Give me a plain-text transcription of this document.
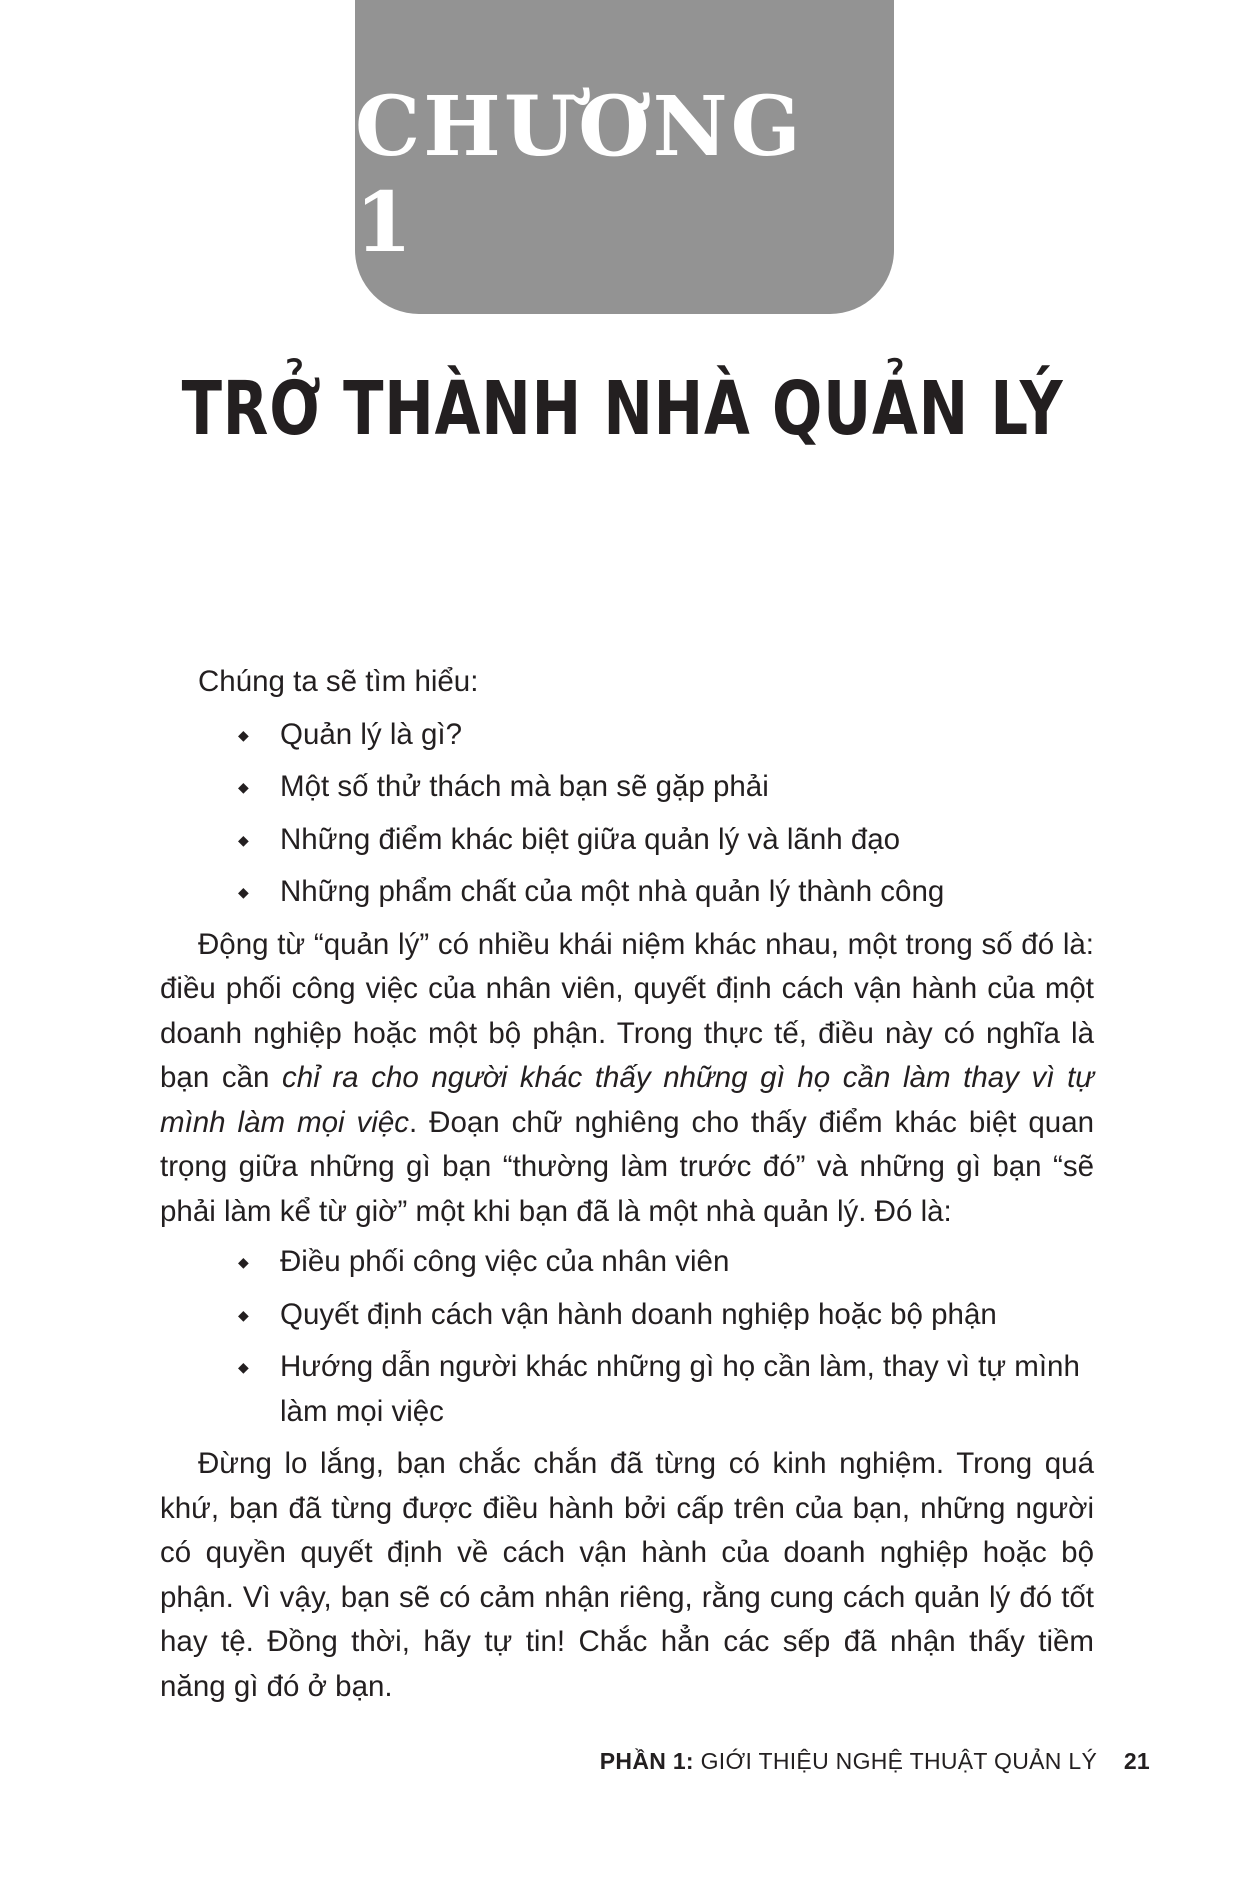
CHƯƠNG 1
TRỞ THÀNH NHÀ QUẢN LÝ

Chúng ta sẽ tìm hiểu:

◆ Quản lý là gì?
◆ Một số thử thách mà bạn sẽ gặp phải
◆ Những điểm khác biệt giữa quản lý và lãnh đạo
◆ Những phẩm chất của một nhà quản lý thành công

Động từ “quản lý” có nhiều khái niệm khác nhau, một trong số đó là: điều phối công việc của nhân viên, quyết định cách vận hành của một doanh nghiệp hoặc một bộ phận. Trong thực tế, điều này có nghĩa là bạn cần chỉ ra cho người khác thấy những gì họ cần làm thay vì tự mình làm mọi việc. Đoạn chữ nghiêng cho thấy điểm khác biệt quan trọng giữa những gì bạn “thường làm trước đó” và những gì bạn “sẽ phải làm kể từ giờ” một khi bạn đã là một nhà quản lý. Đó là:

◆ Điều phối công việc của nhân viên
◆ Quyết định cách vận hành doanh nghiệp hoặc bộ phận
◆ Hướng dẫn người khác những gì họ cần làm, thay vì tự mình làm mọi việc

Đừng lo lắng, bạn chắc chắn đã từng có kinh nghiệm. Trong quá khứ, bạn đã từng được điều hành bởi cấp trên của bạn, những người có quyền quyết định về cách vận hành của doanh nghiệp hoặc bộ phận. Vì vậy, bạn sẽ có cảm nhận riêng, rằng cung cách quản lý đó tốt hay tệ. Đồng thời, hãy tự tin! Chắc hẳn các sếp đã nhận thấy tiềm năng gì đó ở bạn.

PHẦN 1: GIỚI THIỆU NGHỆ THUẬT QUẢN LÝ 21
